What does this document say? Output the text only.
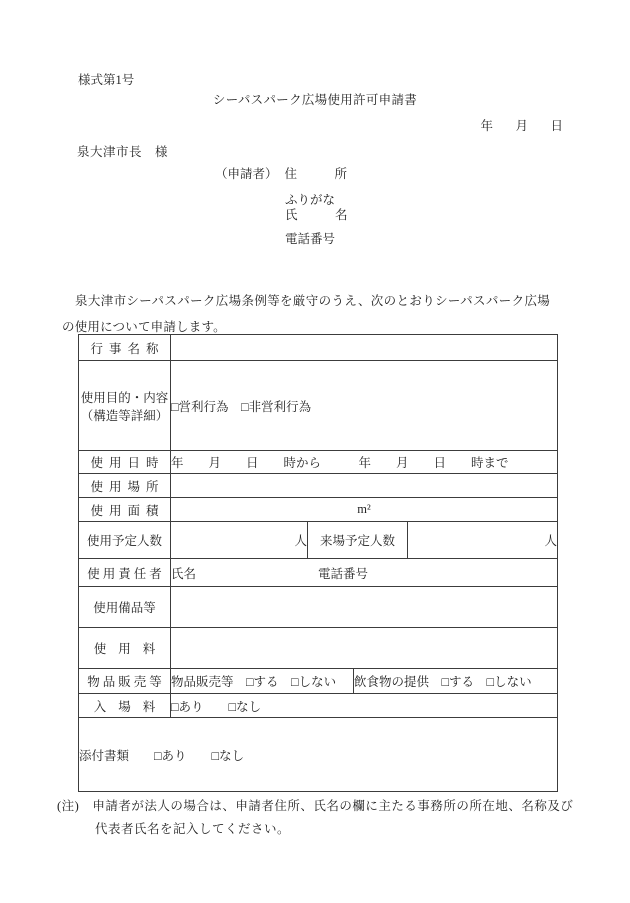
様式第1号
シーパスパーク広場使用許可申請書
年　月　日
泉大津市長　様
（申請者） 住　　　所
ふりがな
氏　　　名
電話番号
泉大津市シーパスパーク広場条例等を厳守のうえ、次のとおりシーパスパーク広場の使用について申請します。
行事名称				

使用目的・内容
（構造等詳細）	□営利行為　□非営利行為			
使用日時	年　　月　　日　　時から　　　年　　月　　日　　時まで			
使用場所				
使用面積	m²			
使用予定人数	人	来場予定人数		人
使用責任者	氏名 電話番号			
使用備品等				
使用料				
物品販売等	物品販売等　□する　□しない		飲食物の提供　□する　□しない	
入場料	□あり　　□なし			
添付書類　　□あり　　□なし				
(注)　申請者が法人の場合は、申請者住所、氏名の欄に主たる事務所の所在地、名称及び
代表者氏名を記入してください。
